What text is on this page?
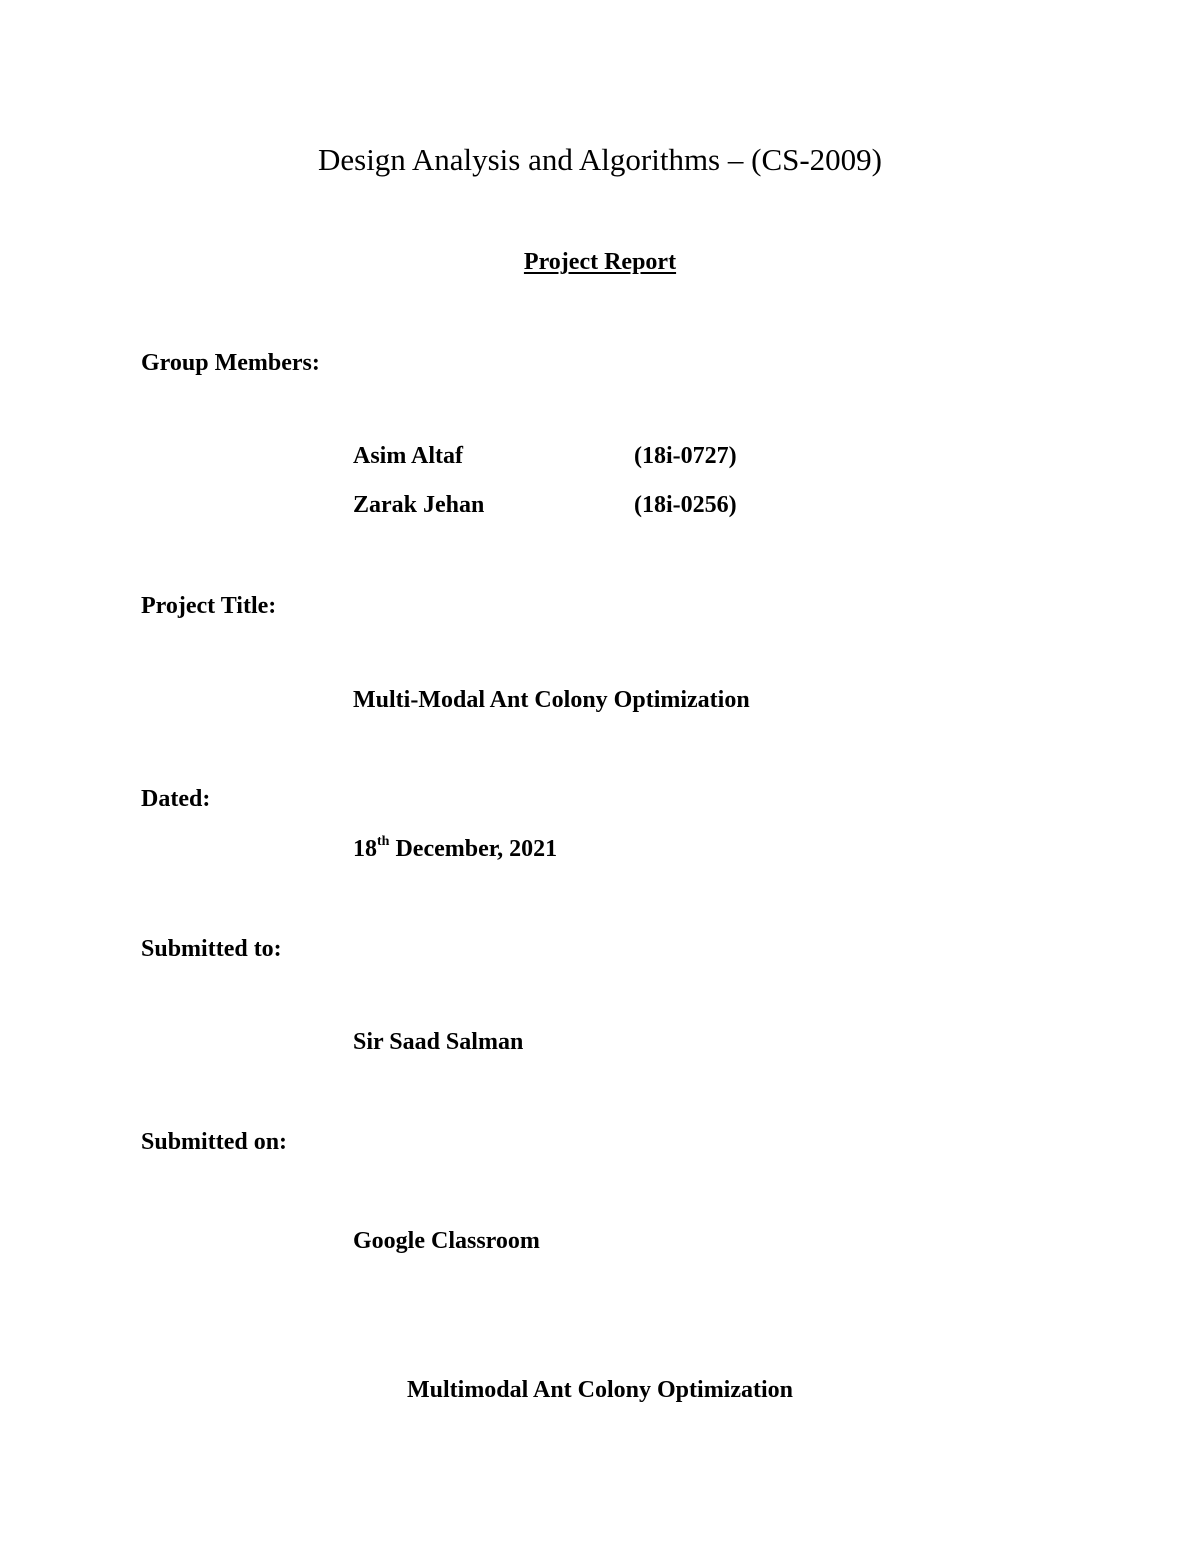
Design Analysis and Algorithms – (CS-2009)
Project Report
Group Members:
Asim Altaf	(18i-0727)
Zarak Jehan	(18i-0256)
Project Title:
Multi-Modal Ant Colony Optimization
Dated:
18th December, 2021
Submitted to:
Sir Saad Salman
Submitted on:
Google Classroom
Multimodal Ant Colony Optimization
